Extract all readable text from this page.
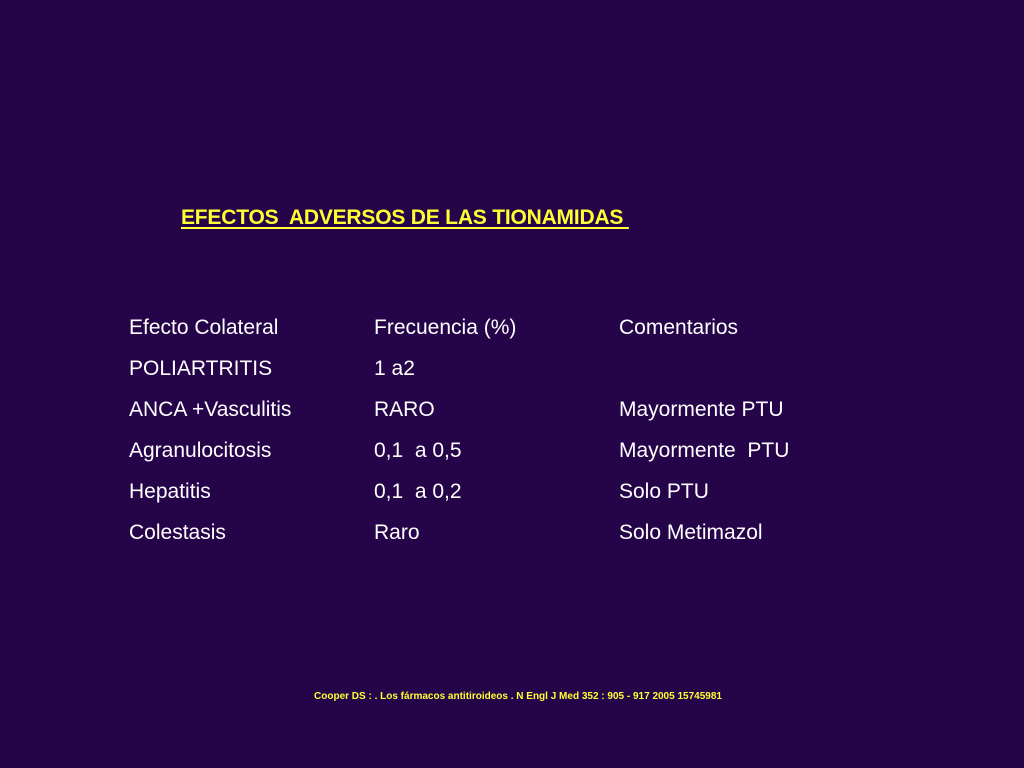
EFECTOS  ADVERSOS DE LAS TIONAMIDAS
Efecto Colateral	Frecuencia (%)	Comentarios
POLIARTRITIS	1 a2
ANCA +Vasculitis	RARO	Mayormente PTU
Agranulocitosis	0,1  a 0,5	Mayormente  PTU
Hepatitis	0,1  a 0,2	Solo PTU
Colestasis	Raro	Solo Metimazol
Cooper DS : . Los fármacos antitiroideos . N Engl J Med 352 : 905 - 917 2005 15745981
